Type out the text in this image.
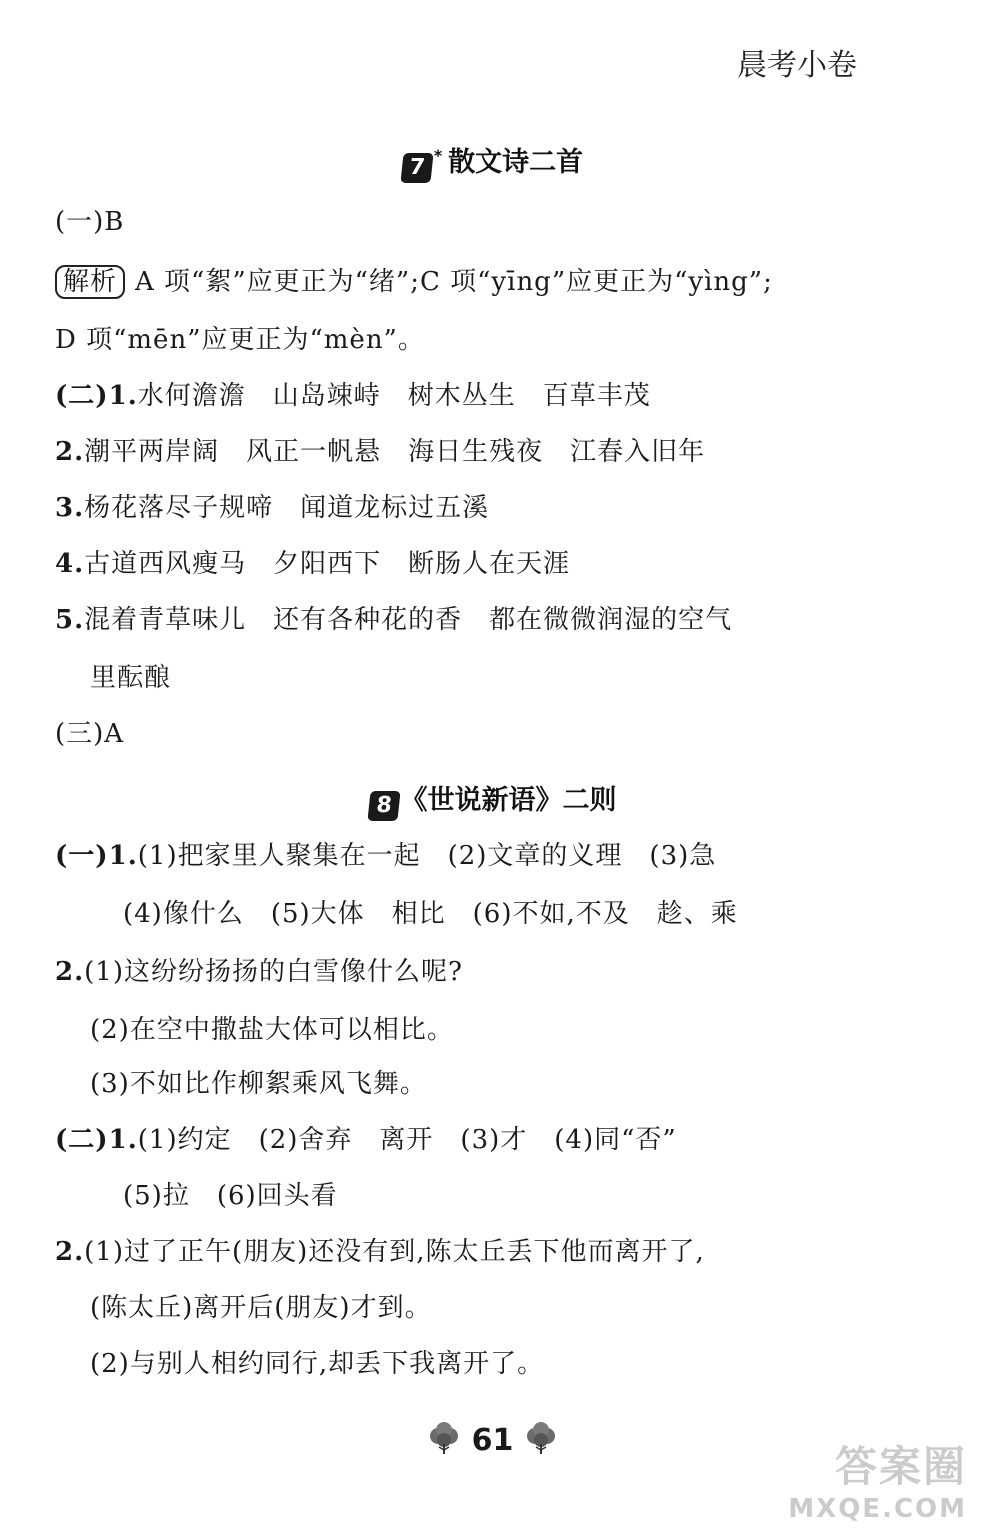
晨考小卷
7 * 散文诗二首
(一)B
解析 A 项“絮”应更正为“绪”;C 项“yīng”应更正为“yìng”;
D 项“mēn”应更正为“mèn”。
(二)1.水何澹澹　山岛竦峙　树木丛生　百草丰茂
2.潮平两岸阔　风正一帆悬　海日生残夜　江春入旧年
3.杨花落尽子规啼　闻道龙标过五溪
4.古道西风瘦马　夕阳西下　断肠人在天涯
5.混着青草味儿　还有各种花的香　都在微微润湿的空气
里酝酿
(三)A
8 《世说新语》二则
(一)1.(1)把家里人聚集在一起　(2)文章的义理　(3)急
(4)像什么　(5)大体　相比　(6)不如,不及　趁、乘
2.(1)这纷纷扬扬的白雪像什么呢?
(2)在空中撒盐大体可以相比。
(3)不如比作柳絮乘风飞舞。
(二)1.(1)约定　(2)舍弃　离开　(3)才　(4)同“否”
(5)拉　(6)回头看
2.(1)过了正午(朋友)还没有到,陈太丘丢下他而离开了,
(陈太丘)离开后(朋友)才到。
(2)与别人相约同行,却丢下我离开了。
61
答案圈
MXQE.COM
